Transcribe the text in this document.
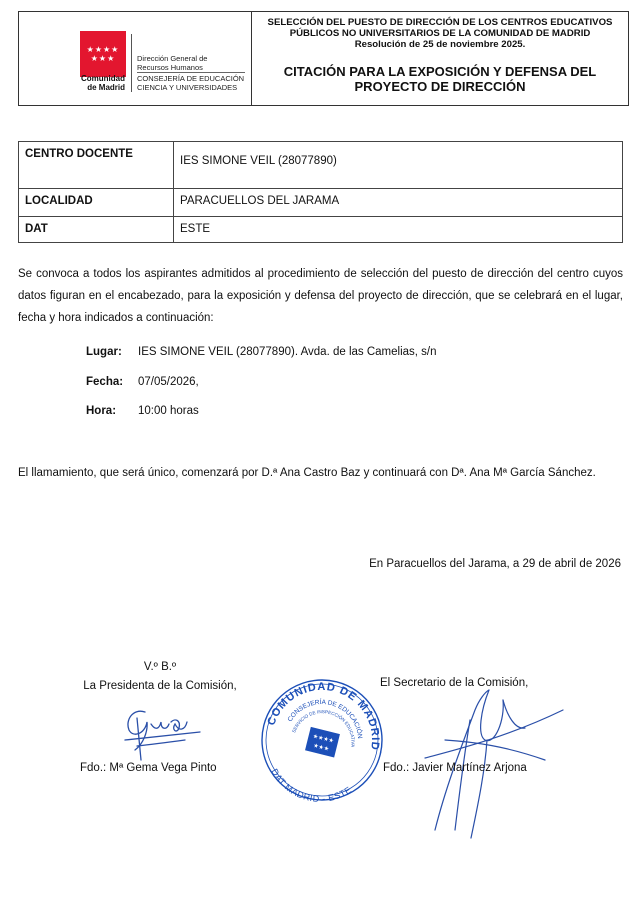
★★★★
★★★
Comunidad
de Madrid
Dirección General de
Recursos Humanos
CONSEJERÍA DE EDUCACIÓN
CIENCIA Y UNIVERSIDADES
SELECCIÓN DEL PUESTO DE DIRECCIÓN DE LOS CENTROS EDUCATIVOS
PÚBLICOS NO UNIVERSITARIOS DE LA COMUNIDAD DE MADRID
Resolución de 25 de noviembre 2025.
CITACIÓN PARA LA EXPOSICIÓN Y DEFENSA DEL
PROYECTO DE DIRECCIÓN
CENTRO DOCENTE	IES SIMONE VEIL (28077890)
LOCALIDAD	PARACUELLOS DEL JARAMA
DAT	ESTE

Se convoca a todos los aspirantes admitidos al procedimiento de selección del puesto de dirección del centro cuyos datos figuran en el encabezado, para la exposición y defensa del proyecto de dirección, que se celebrará en el lugar, fecha y hora indicados a continuación:

Lugar: IES SIMONE VEIL (28077890). Avda. de las Camelias, s/n
Fecha: 07/05/2026,
Hora: 10:00 horas

El llamamiento, que será único, comenzará por D.ª Ana Castro Baz y continuará con Dª. Ana Mª García Sánchez.

En Paracuellos del Jarama, a 29 de abril de 2026
V.º B.º
La Presidenta de la Comisión,
Fdo.: Mª Gema Vega Pinto
COMUNIDAD DE MADRID
CONSEJERÍA DE EDUCACIÓN
SERVICIO DE INSPECCIÓN EDUCATIVA
★★★★
★★★
DAT MADRID - ESTE
El Secretario de la Comisión,
Fdo.: Javier Martínez Arjona
